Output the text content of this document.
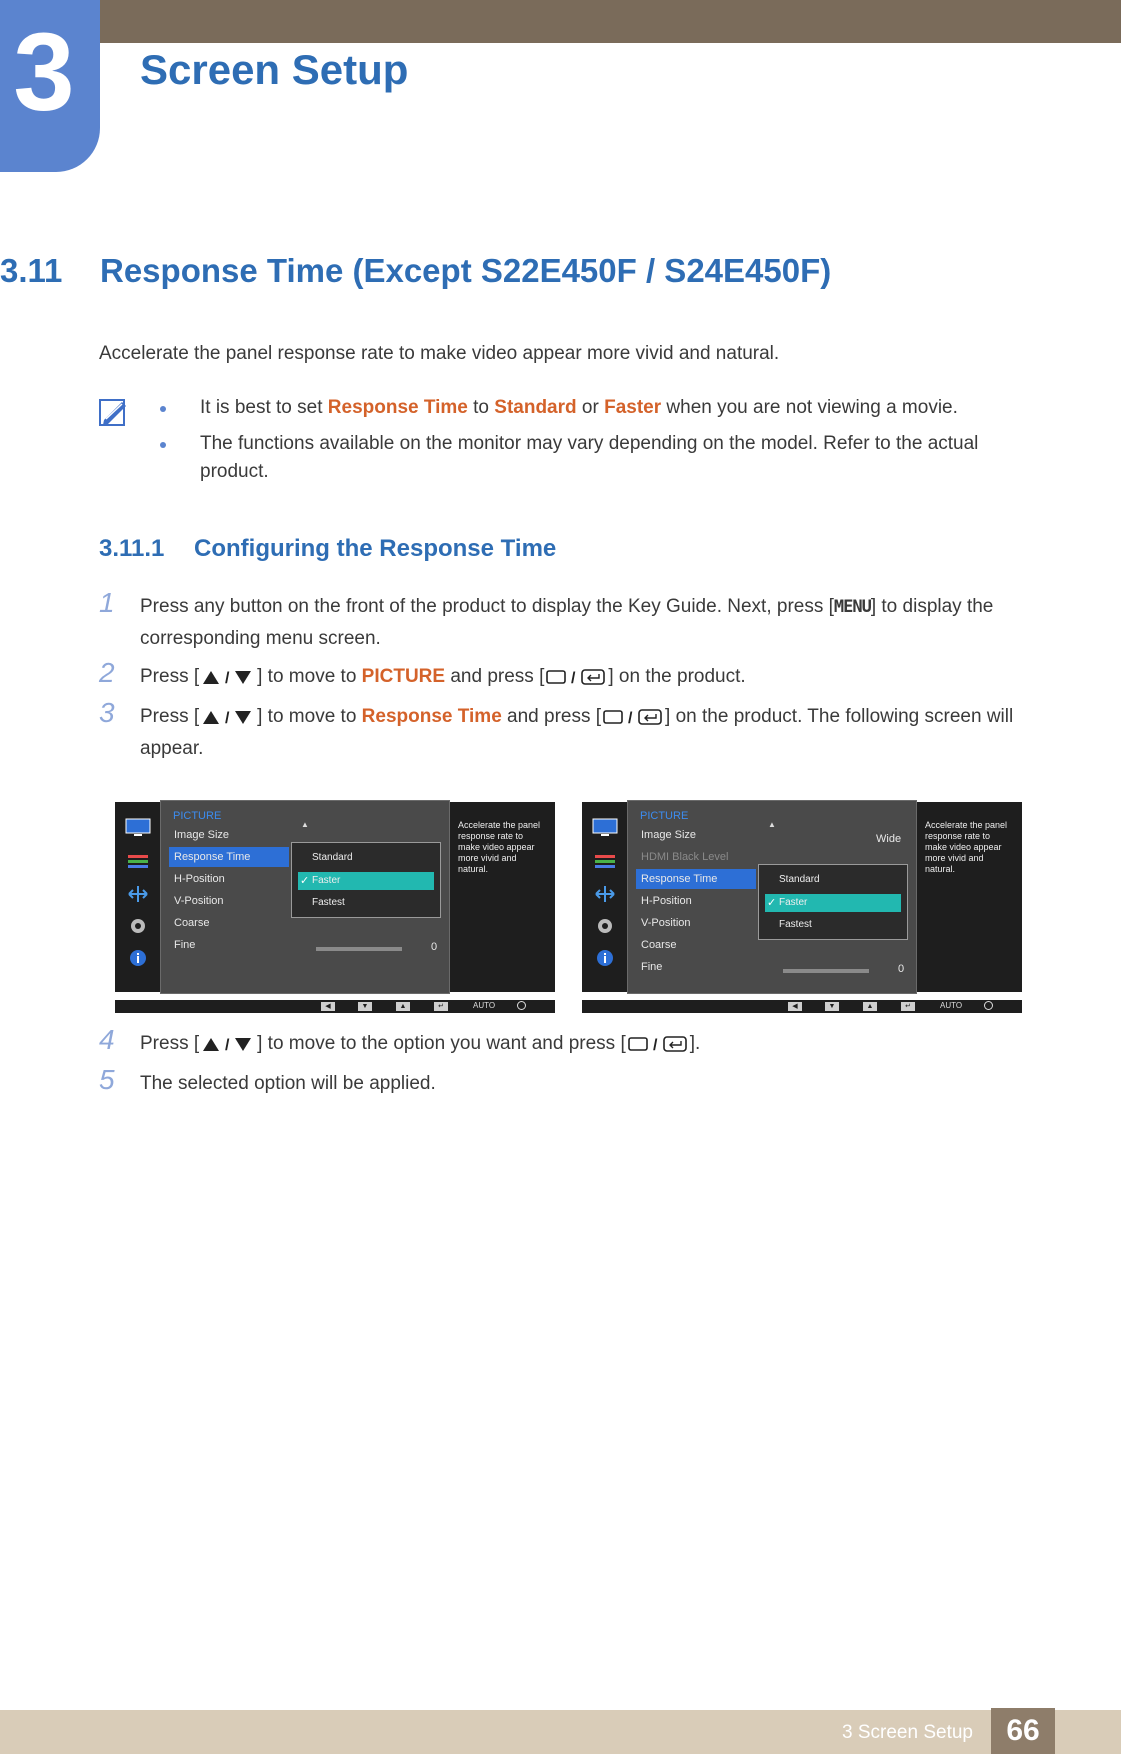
3 Screen Setup
3.11 Response Time (Except S22E450F / S24E450F)
Accelerate the panel response rate to make video appear more vivid and natural.
It is best to set Response Time to Standard or Faster when you are not viewing a movie.
The functions available on the monitor may vary depending on the model. Refer to the actual product.
3.11.1 Configuring the Response Time
1 Press any button on the front of the product to display the Key Guide. Next, press [MENU] to display the corresponding menu screen.
2 Press [ / ] to move to PICTURE and press [ / ] on the product.
3 Press [ / ] to move to Response Time and press [ / ] on the product. The following screen will appear.
PICTURE
▲
Image Size
Response Time
H-Position
V-Position
Coarse
Fine	0
Standard
✓ Faster
Fastest
Accelerate the panel response rate to make video appear more vivid and natural.
◀	▼	▲	↵	AUTO
PICTURE
▲
Wide
Image Size
HDMI Black Level
Response Time
H-Position
V-Position
Coarse
Fine	0
Standard
✓ Faster
Fastest
Accelerate the panel response rate to make video appear more vivid and natural.
◀	▼	▲	↵	AUTO
4 Press [ / ] to move to the option you want and press [ / ].
5 The selected option will be applied.
3 Screen Setup	66
